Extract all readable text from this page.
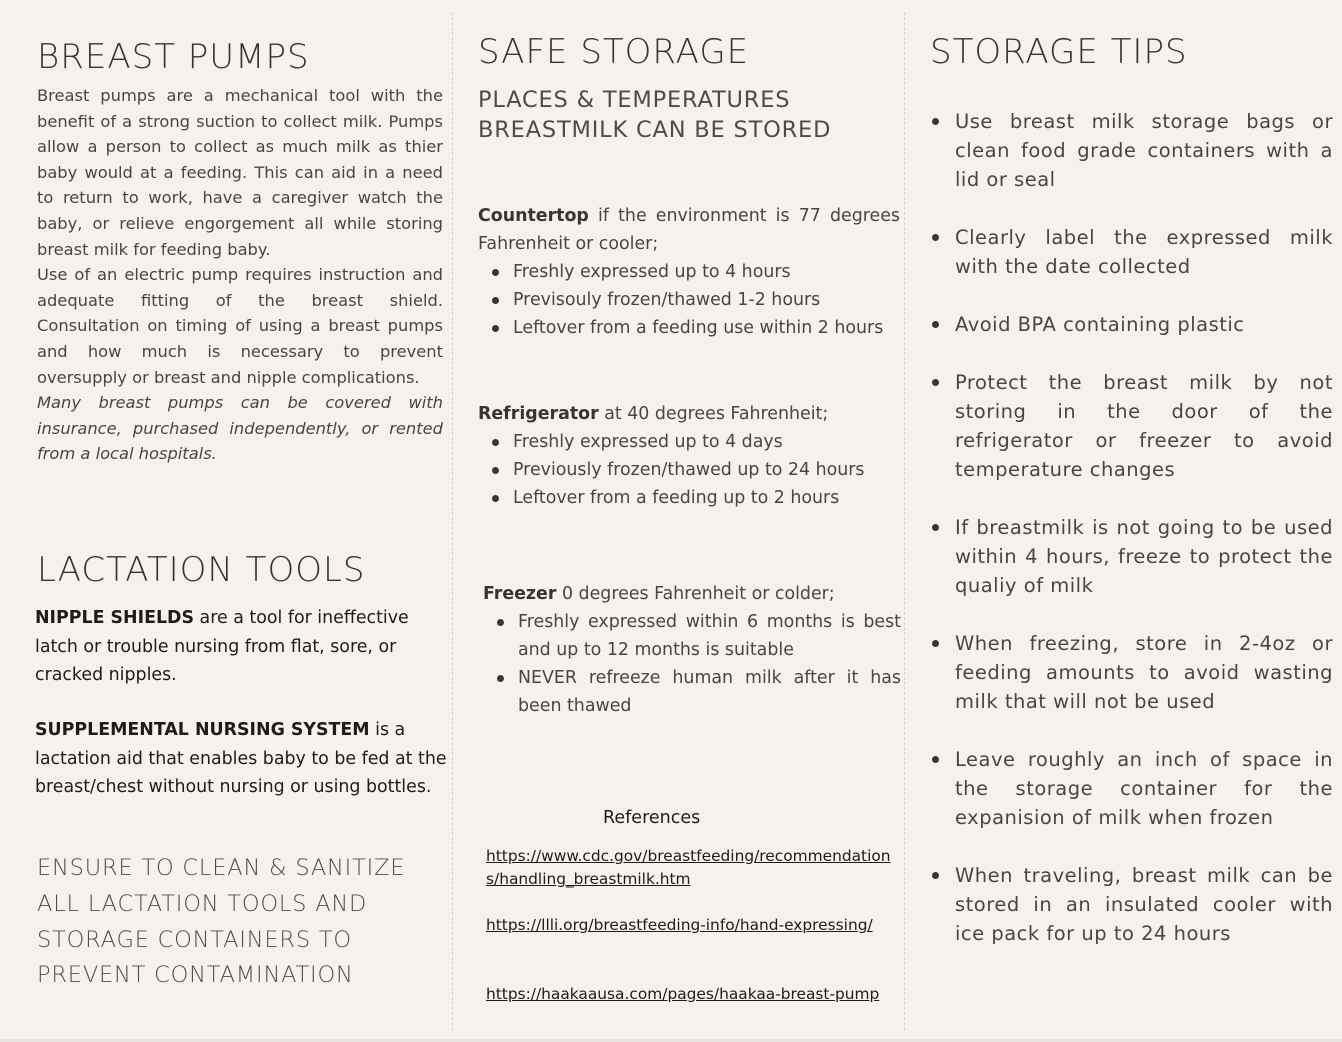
BREAST PUMPS

Breast pumps are a mechanical tool with the benefit of a strong suction to collect milk. Pumps allow a person to collect as much milk as thier baby would at a feeding. This can aid in a need to return to work, have a caregiver watch the baby, or relieve engorgement all while storing breast milk for feeding baby.

Use of an electric pump requires instruction and adequate fitting of the breast shield. Consultation on timing of using a breast pumps and how much is necessary to prevent oversupply or breast and nipple complications.

Many breast pumps can be covered with insurance, purchased independently, or rented from a local hospitals.

LACTATION TOOLS

NIPPLE SHIELDS are a tool for ineffective latch or trouble nursing from flat, sore, or cracked nipples.

SUPPLEMENTAL NURSING SYSTEM is a lactation aid that enables baby to be fed at the breast/chest without nursing or using bottles.

ENSURE TO CLEAN & SANITIZE ALL LACTATION TOOLS AND STORAGE CONTAINERS TO PREVENT CONTAMINATION

SAFE STORAGE

PLACES & TEMPERATURES BREASTMILK CAN BE STORED

Countertop if the environment is 77 degrees Fahrenheit or cooler;

Freshly expressed up to 4 hours
Previsouly frozen/thawed 1-2 hours
Leftover from a feeding use within 2 hours

Refrigerator at 40 degrees Fahrenheit;

Freshly expressed up to 4 days
Previously frozen/thawed up to 24 hours
Leftover from a feeding up to 2 hours

Freezer 0 degrees Fahrenheit or colder;

Freshly expressed within 6 months is best and up to 12 months is suitable
NEVER refreeze human milk after it has been thawed

References

https://www.cdc.gov/breastfeeding/recommendations/handling_breastmilk.htm

https://llli.org/breastfeeding-info/hand-expressing/

https://haakaausa.com/pages/haakaa-breast-pump

STORAGE TIPS
Use breast milk storage bags or clean food grade containers with a lid or seal
Clearly label the expressed milk with the date collected
Avoid BPA containing plastic
Protect the breast milk by not storing in the door of the refrigerator or freezer to avoid temperature changes
If breastmilk is not going to be used within 4 hours, freeze to protect the qualiy of milk
When freezing, store in 2-4oz or feeding amounts to avoid wasting milk that will not be used
Leave roughly an inch of space in the storage container for the expanision of milk when frozen
When traveling, breast milk can be stored in an insulated cooler with ice pack for up to 24 hours
